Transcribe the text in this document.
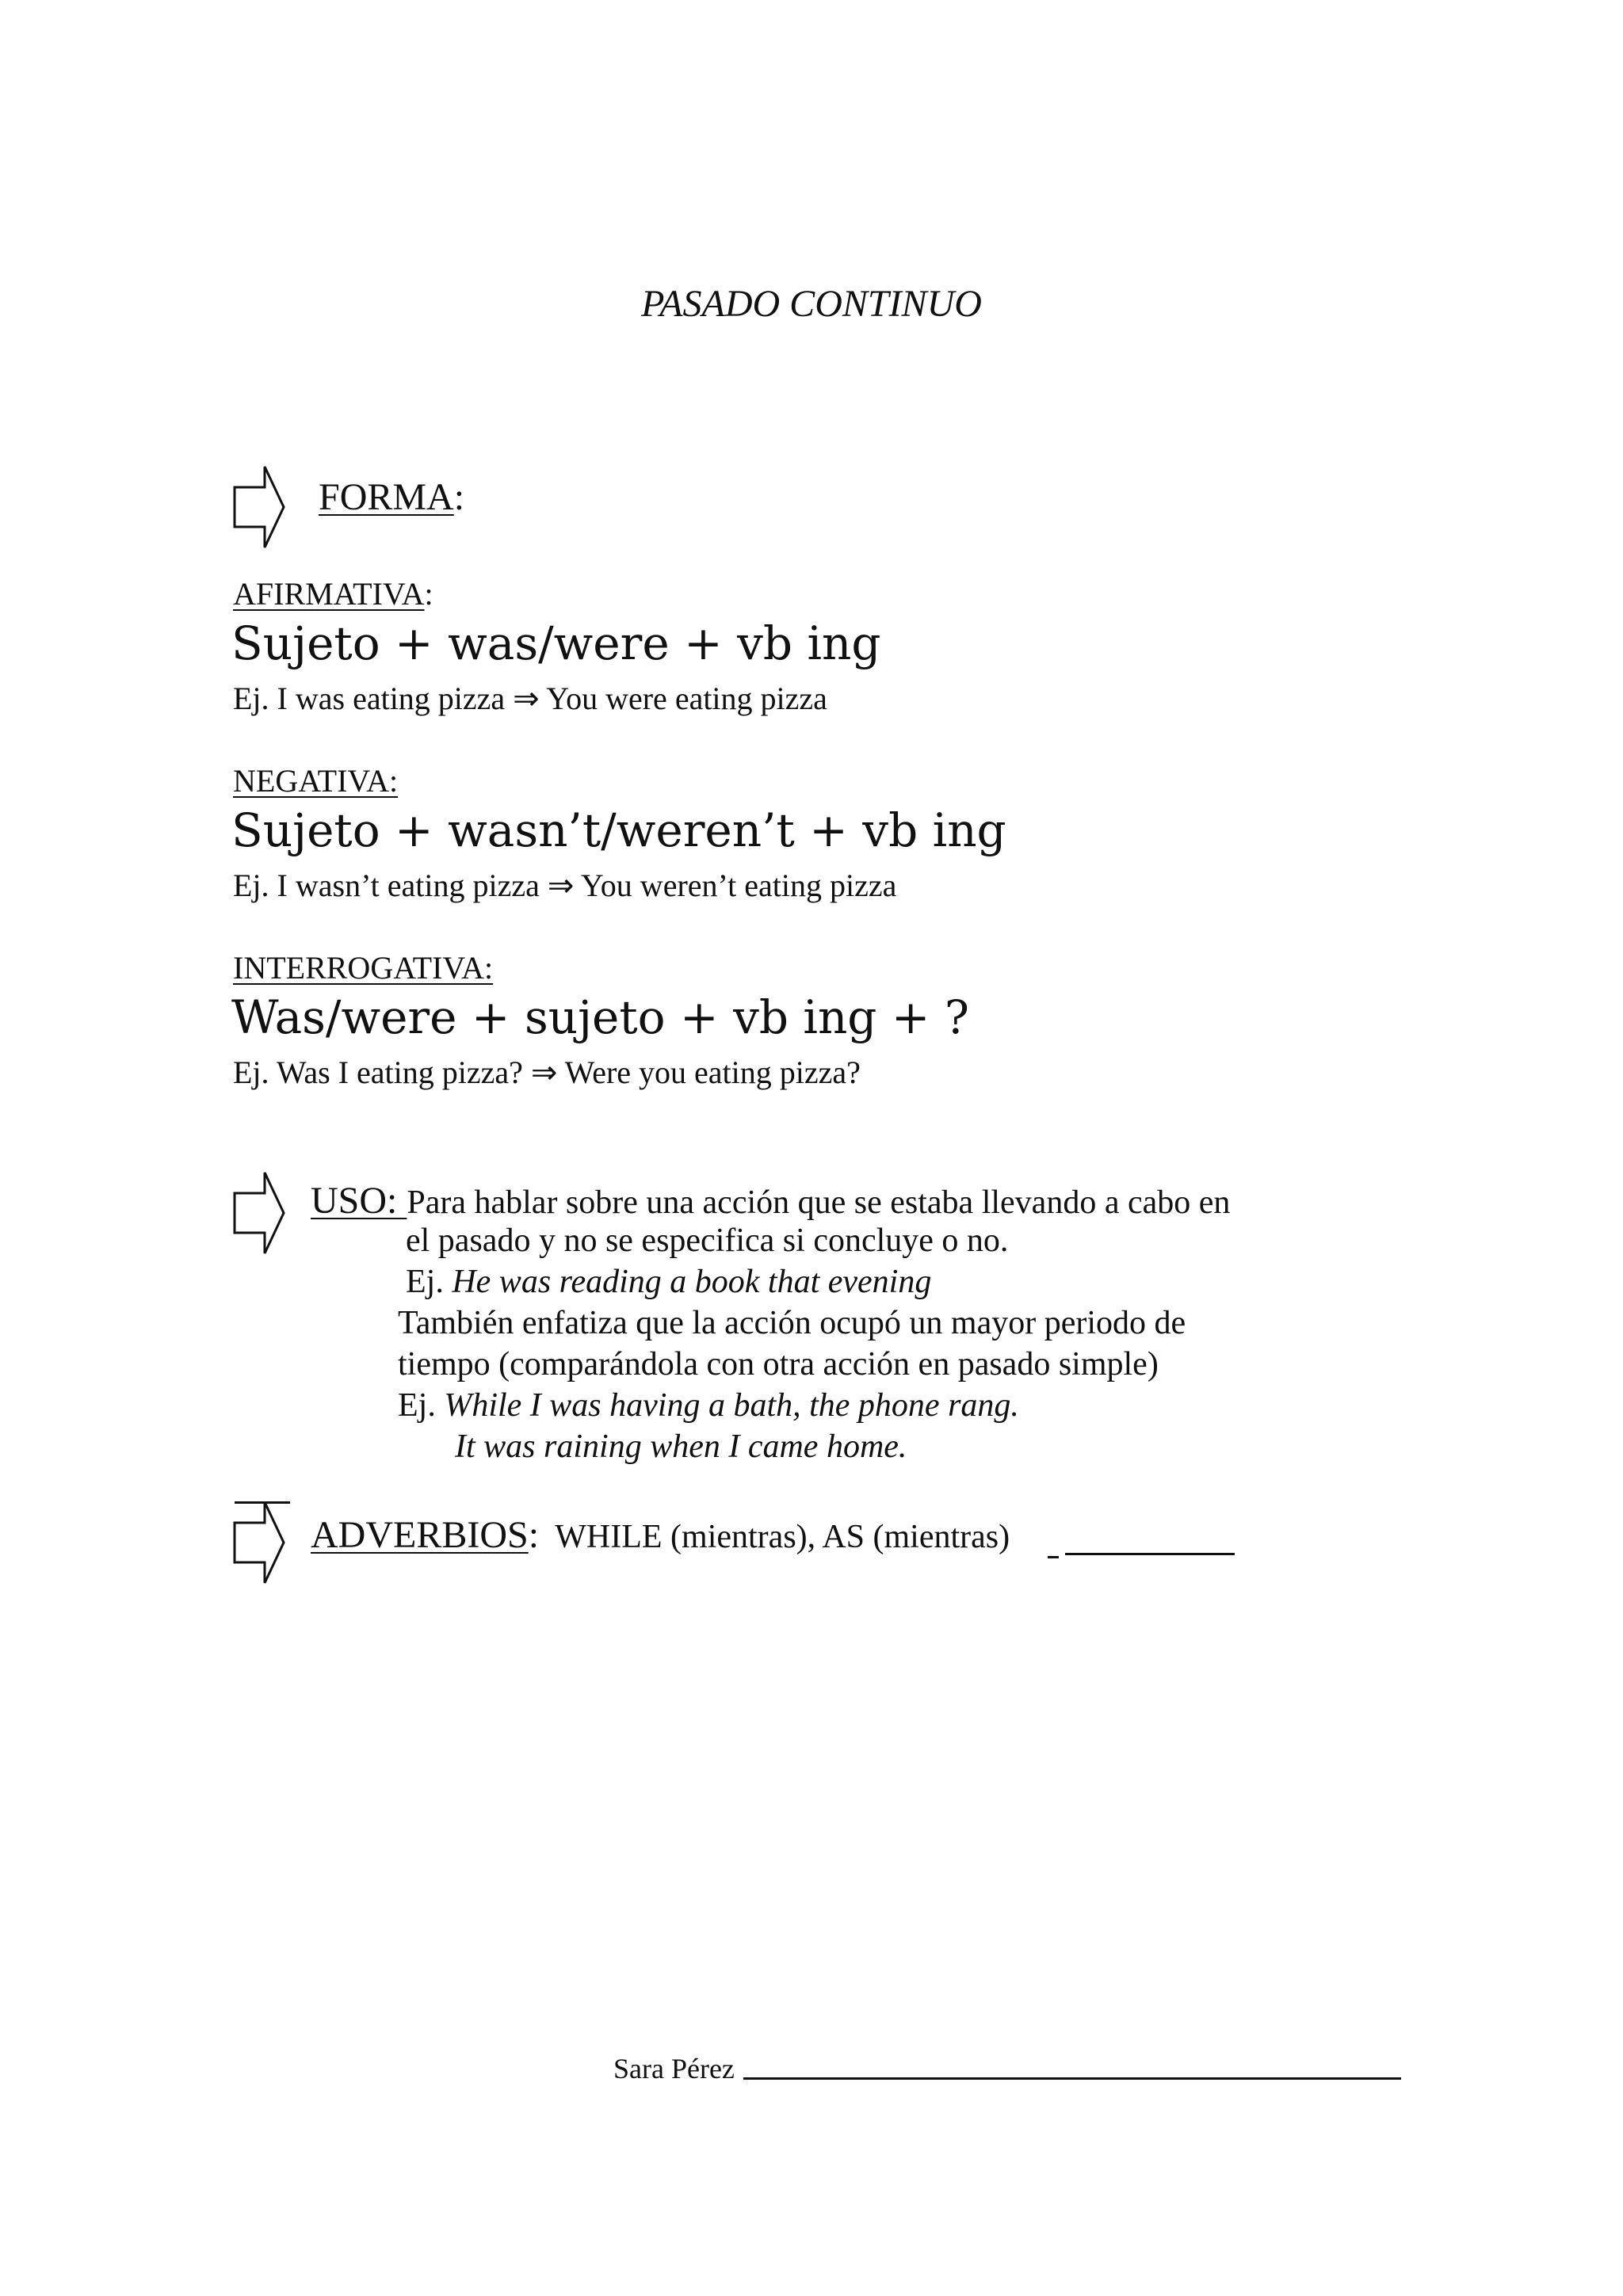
PASADO CONTINUO
FORMA:
AFIRMATIVA:
Sujeto + was/were + vb ing
Ej. I was eating pizza ⇒ You were eating pizza
NEGATIVA:
Sujeto + wasn’t/weren’t + vb ing
Ej. I wasn’t eating pizza ⇒ You weren’t eating pizza
INTERROGATIVA:
Was/were + sujeto + vb ing + ?
Ej. Was I eating pizza? ⇒ Were you eating pizza?
USO: Para hablar sobre una acción que se estaba llevando a cabo en
el pasado y no se especifica si concluye o no.
Ej. He was reading a book that evening
También enfatiza que la acción ocupó un mayor periodo de
tiempo (comparándola con otra acción en pasado simple)
Ej. While I was having a bath, the phone rang.
It was raining when I came home.
ADVERBIOS: WHILE (mientras), AS (mientras)
Sara Pérez
